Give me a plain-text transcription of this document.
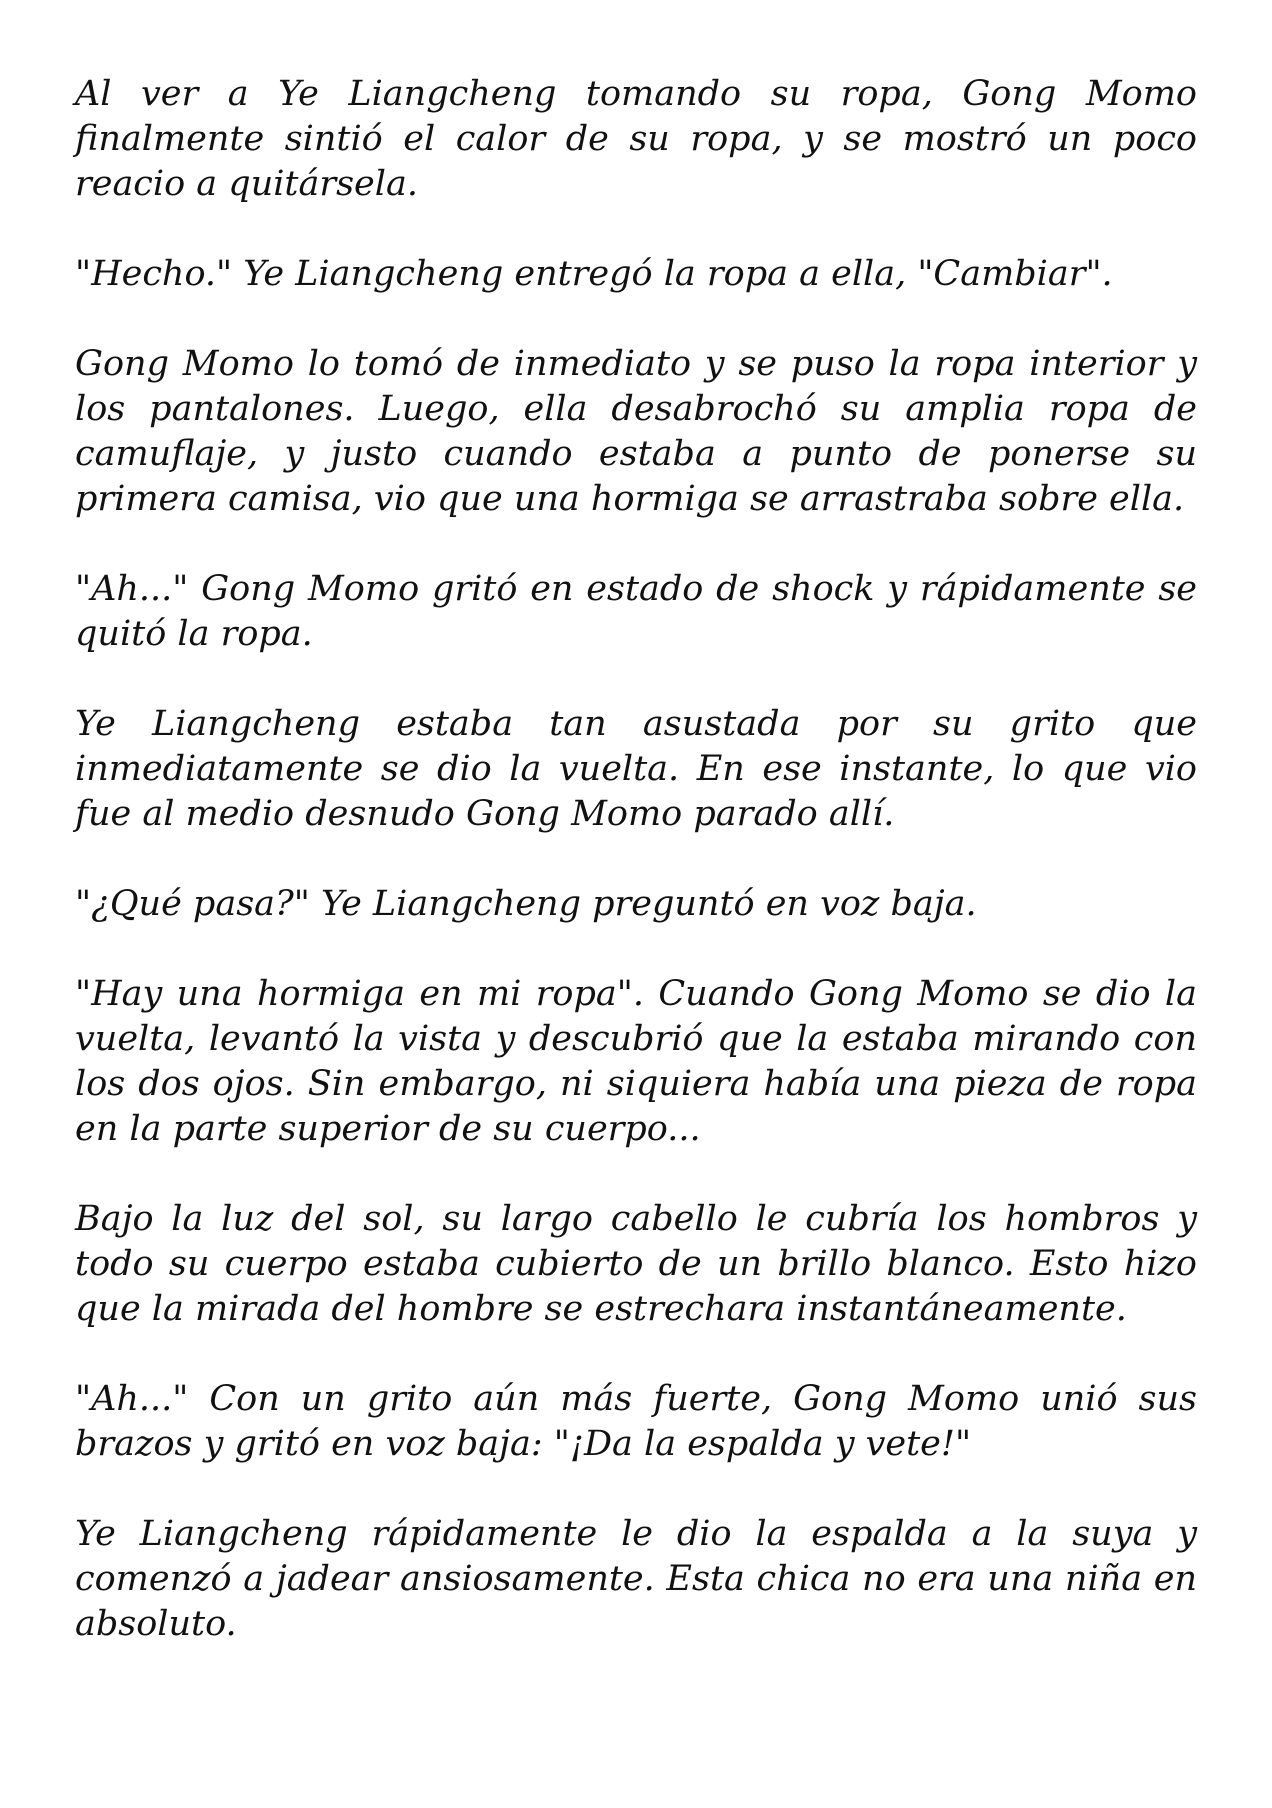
Al ver a Ye Liangcheng tomando su ropa, Gong Momo finalmente sintió el calor de su ropa, y se mostró un poco reacio a quitársela.

"Hecho." Ye Liangcheng entregó la ropa a ella, "Cambiar".

Gong Momo lo tomó de inmediato y se puso la ropa interior y los pantalones. Luego, ella desabrochó su amplia ropa de camuflaje, y justo cuando estaba a punto de ponerse su primera camisa, vio que una hormiga se arrastraba sobre ella.

"Ah..." Gong Momo gritó en estado de shock y rápidamente se quitó la ropa.

Ye Liangcheng estaba tan asustada por su grito que inmediatamente se dio la vuelta. En ese instante, lo que vio fue al medio desnudo Gong Momo parado allí.

"¿Qué pasa?" Ye Liangcheng preguntó en voz baja.

"Hay una hormiga en mi ropa". Cuando Gong Momo se dio la vuelta, levantó la vista y descubrió que la estaba mirando con los dos ojos. Sin embargo, ni siquiera había una pieza de ropa en la parte superior de su cuerpo...

Bajo la luz del sol, su largo cabello le cubría los hombros y todo su cuerpo estaba cubierto de un brillo blanco. Esto hizo que la mirada del hombre se estrechara instantáneamente.

"Ah..." Con un grito aún más fuerte, Gong Momo unió sus brazos y gritó en voz baja: "¡Da la espalda y vete!"

Ye Liangcheng rápidamente le dio la espalda a la suya y comenzó a jadear ansiosamente. Esta chica no era una niña en absoluto.
